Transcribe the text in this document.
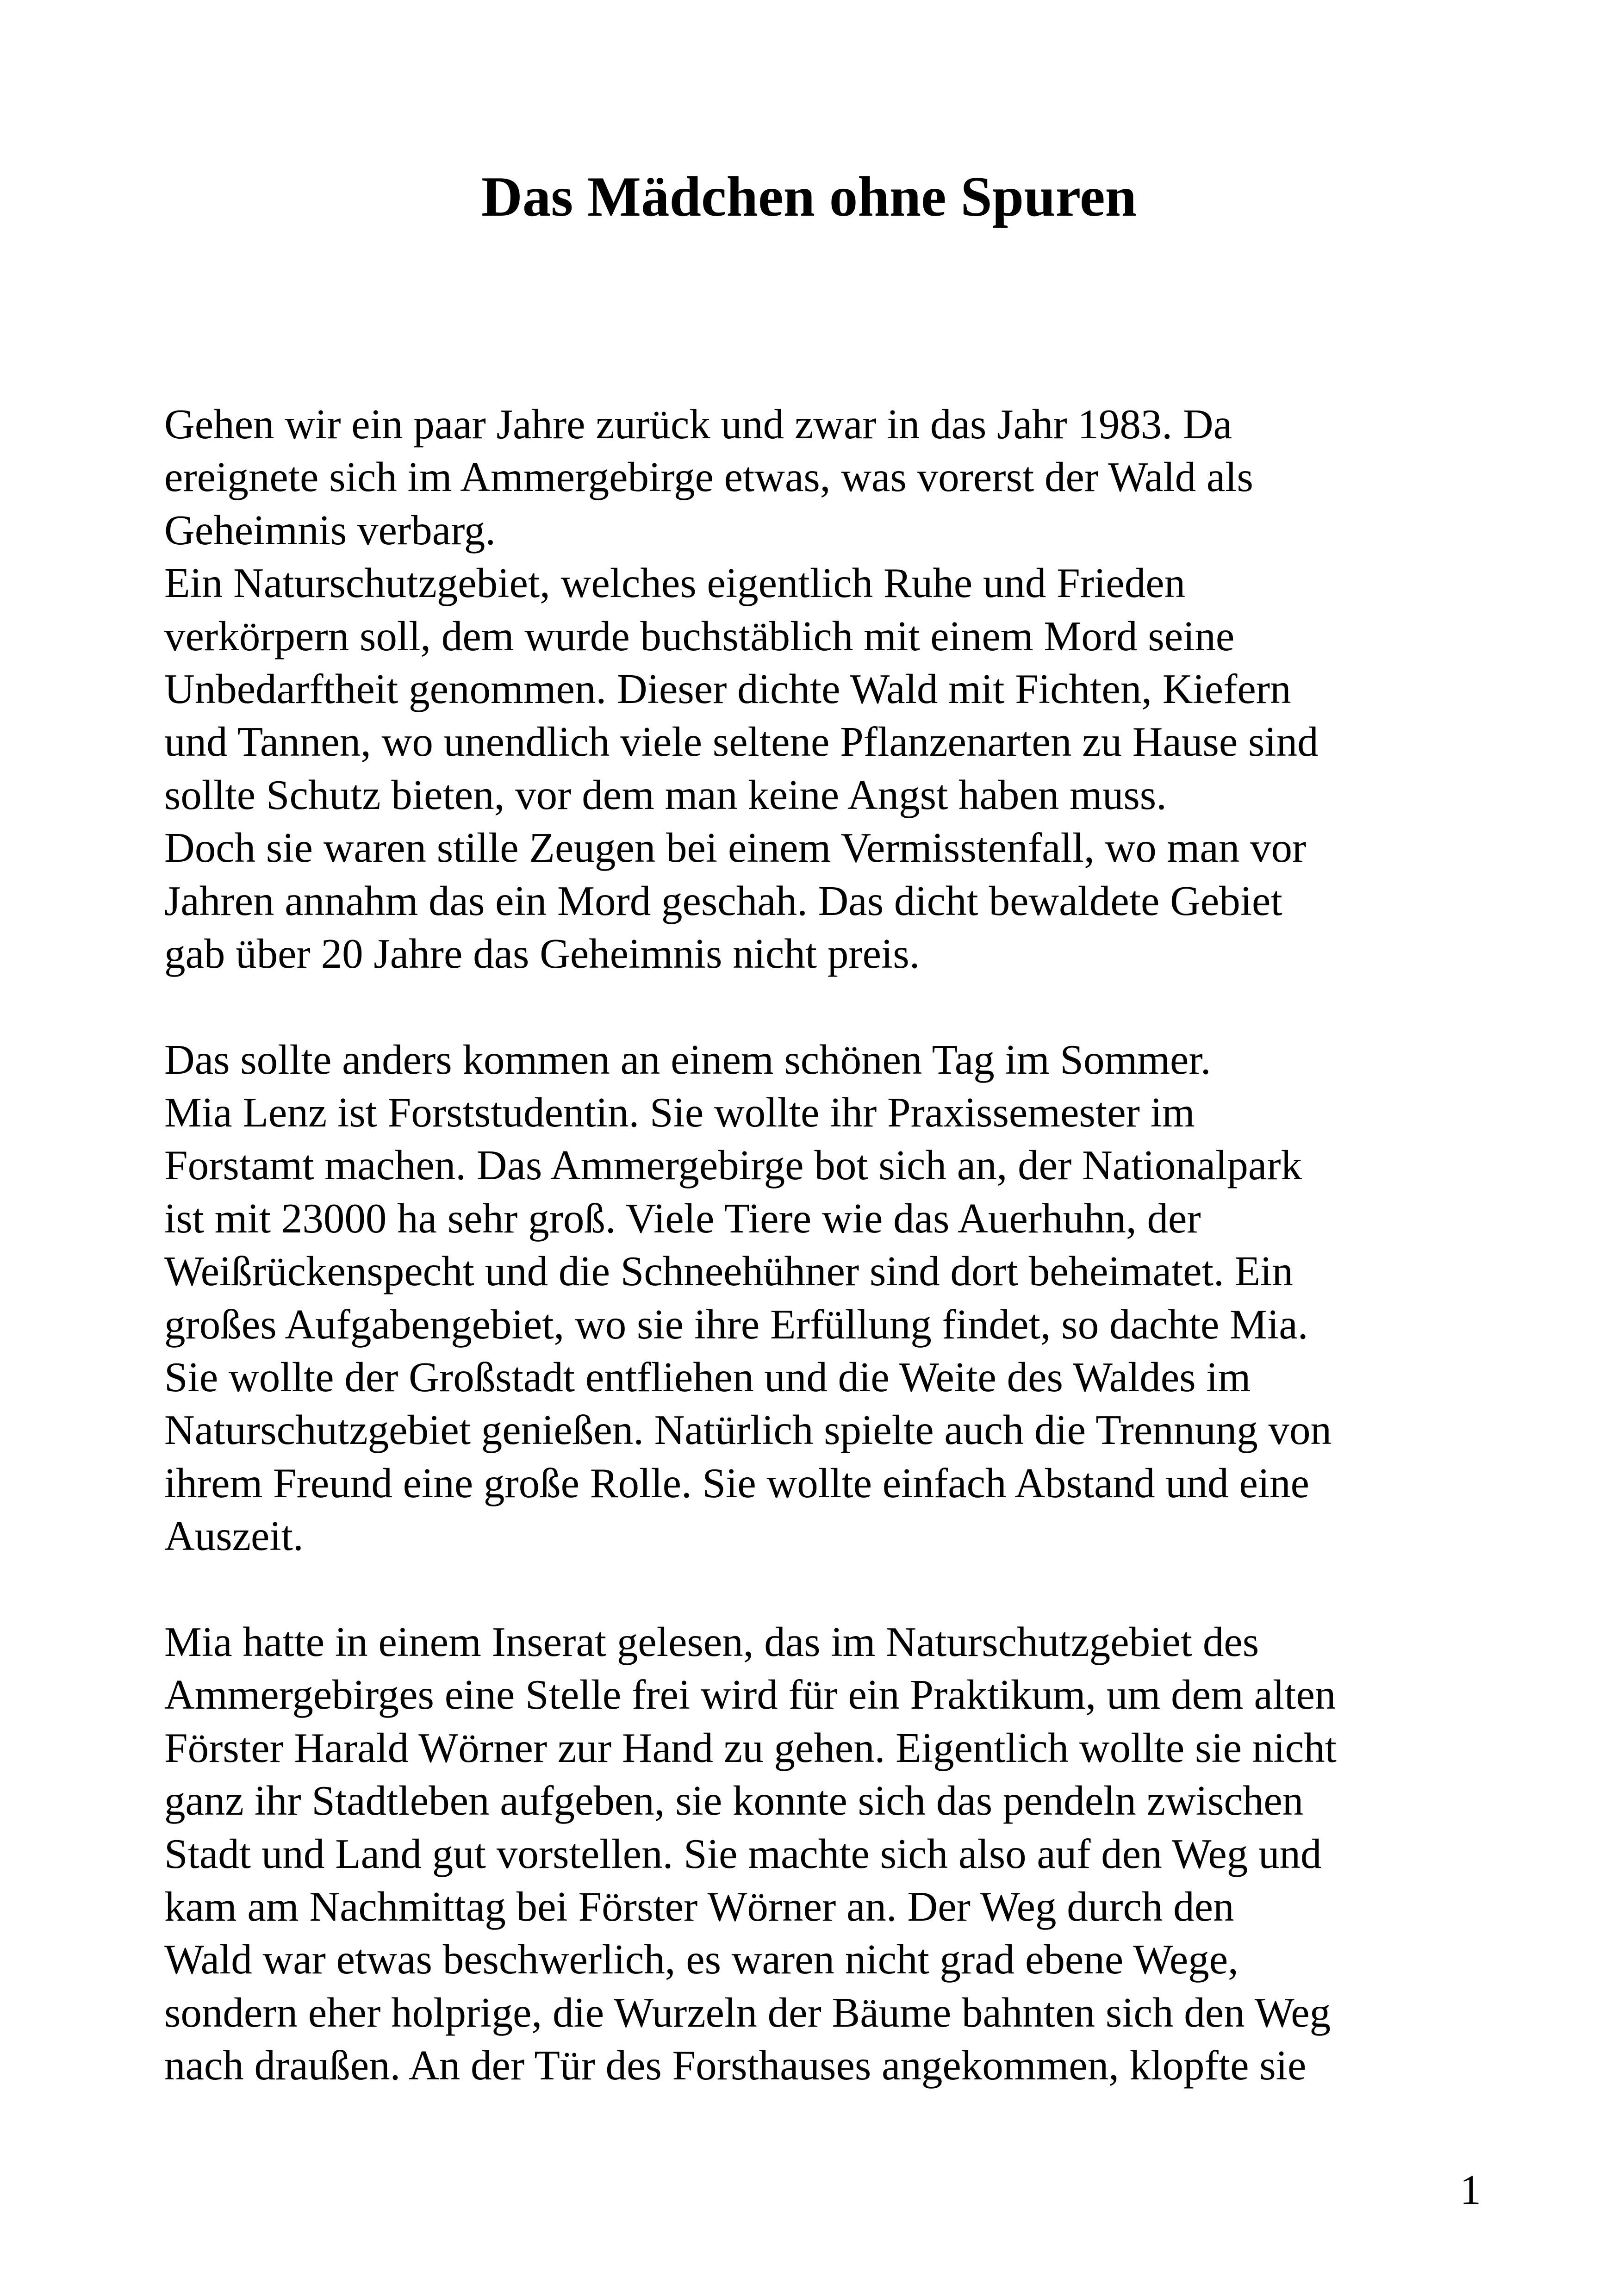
Das Mädchen ohne Spuren
Gehen wir ein paar Jahre zurück und zwar in das Jahr 1983. Da
ereignete sich im Ammergebirge etwas, was vorerst der Wald als
Geheimnis verbarg.
Ein Naturschutzgebiet, welches eigentlich Ruhe und Frieden
verkörpern soll, dem wurde buchstäblich mit einem Mord seine
Unbedarftheit genommen. Dieser dichte Wald mit Fichten, Kiefern
und Tannen, wo unendlich viele seltene Pflanzenarten zu Hause sind
sollte Schutz bieten, vor dem man keine Angst haben muss.
Doch sie waren stille Zeugen bei einem Vermisstenfall, wo man vor
Jahren annahm das ein Mord geschah. Das dicht bewaldete Gebiet
gab über 20 Jahre das Geheimnis nicht preis.
Das sollte anders kommen an einem schönen Tag im Sommer.
Mia Lenz ist Forststudentin. Sie wollte ihr Praxissemester im
Forstamt machen. Das Ammergebirge bot sich an, der Nationalpark
ist mit 23000 ha sehr groß. Viele Tiere wie das Auerhuhn, der
Weißrückenspecht und die Schneehühner sind dort beheimatet. Ein
großes Aufgabengebiet, wo sie ihre Erfüllung findet, so dachte Mia.
Sie wollte der Großstadt entfliehen und die Weite des Waldes im
Naturschutzgebiet genießen. Natürlich spielte auch die Trennung von
ihrem Freund eine große Rolle. Sie wollte einfach Abstand und eine
Auszeit.
Mia hatte in einem Inserat gelesen, das im Naturschutzgebiet des
Ammergebirges eine Stelle frei wird für ein Praktikum, um dem alten
Förster Harald Wörner zur Hand zu gehen. Eigentlich wollte sie nicht
ganz ihr Stadtleben aufgeben, sie konnte sich das pendeln zwischen
Stadt und Land gut vorstellen. Sie machte sich also auf den Weg und
kam am Nachmittag bei Förster Wörner an. Der Weg durch den
Wald war etwas beschwerlich, es waren nicht grad ebene Wege,
sondern eher holprige, die Wurzeln der Bäume bahnten sich den Weg
nach draußen. An der Tür des Forsthauses angekommen, klopfte sie
1
